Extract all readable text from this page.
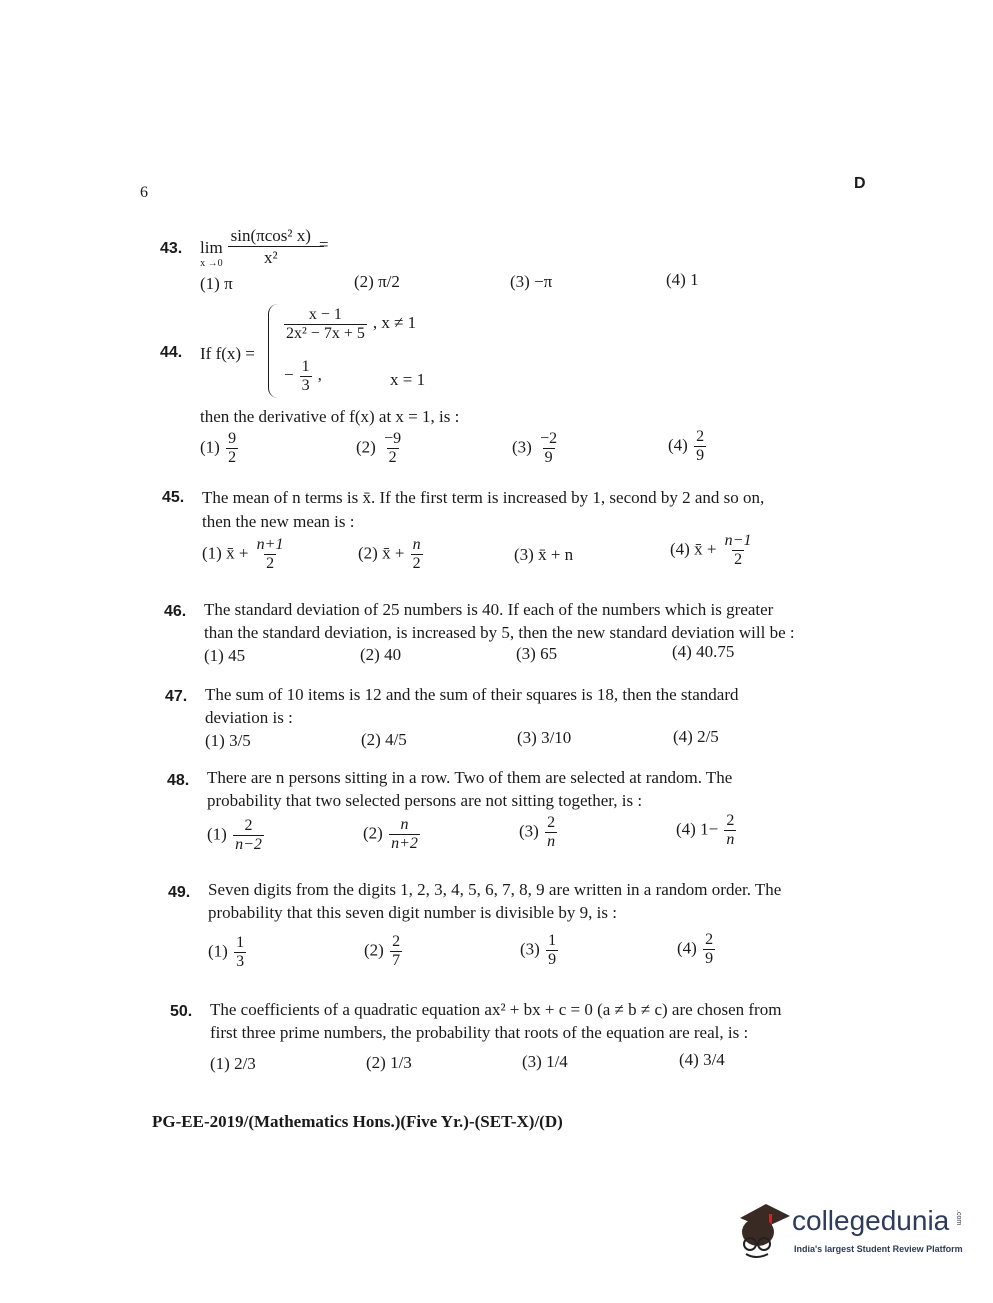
6
D
43. lim
x →0

sin(πcos² x)
x²
=
(1) π	(2) π/2	(3) −π	(4) 1
44. If f(x) =
$\frac{x - 1}{\text{2x² − 7x + 5}}$ , x ≠ 1
− $\frac{1}{3}$ ,	x = 1
then the derivative of f(x) at x = 1, is :
$(1) \frac{9}{2}$	$(2) \frac{-9}{2}$	$(3) \frac{-2}{9}$	$(4) \frac{2}{9}$
45. The mean of n terms is x̄. If the first term is increased by 1, second by 2 and so on,
then the new mean is :
(1) x̄ + $\frac{n+1}{2}$	(2) x̄ + $\frac{n}{2}$	(3) x̄ + n	(4) x̄ + $\frac{n-1}{2}$
46. The standard deviation of 25 numbers is 40. If each of the numbers which is greater
than the standard deviation, is increased by 5, then the new standard deviation will be :
(1) 45	(2) 40	(3) 65	(4) 40.75
47. The sum of 10 items is 12 and the sum of their squares is 18, then the standard
deviation is :
(1) 3/5	(2) 4/5	(3) 3/10	(4) 2/5
48. There are n persons sitting in a row. Two of them are selected at random. The
probability that two selected persons are not sitting together, is :
$(1) \frac{2}{n-2}$	$(2) \frac{n}{n+2}$	$(3) \frac{2}{n}$	(4) $1- \frac{2}{n}$
49. Seven digits from the digits 1, 2, 3, 4, 5, 6, 7, 8, 9 are written in a random order. The
probability that this seven digit number is divisible by 9, is :
$(1) \frac{1}{3}$	$(2) \frac{2}{7}$	$(3) \frac{1}{9}$	$(4) \frac{2}{9}$
50. The coefficients of a quadratic equation ax² + bx + c = 0 (a ≠ b ≠ c) are chosen from
first three prime numbers, the probability that roots of the equation are real, is :
(1) 2/3	(2) 1/3	(3) 1/4	(4) 3/4
PG-EE-2019/(Mathematics Hons.)(Five Yr.)-(SET-X)/(D)
collegedunia .com
India's largest Student Review Platform
